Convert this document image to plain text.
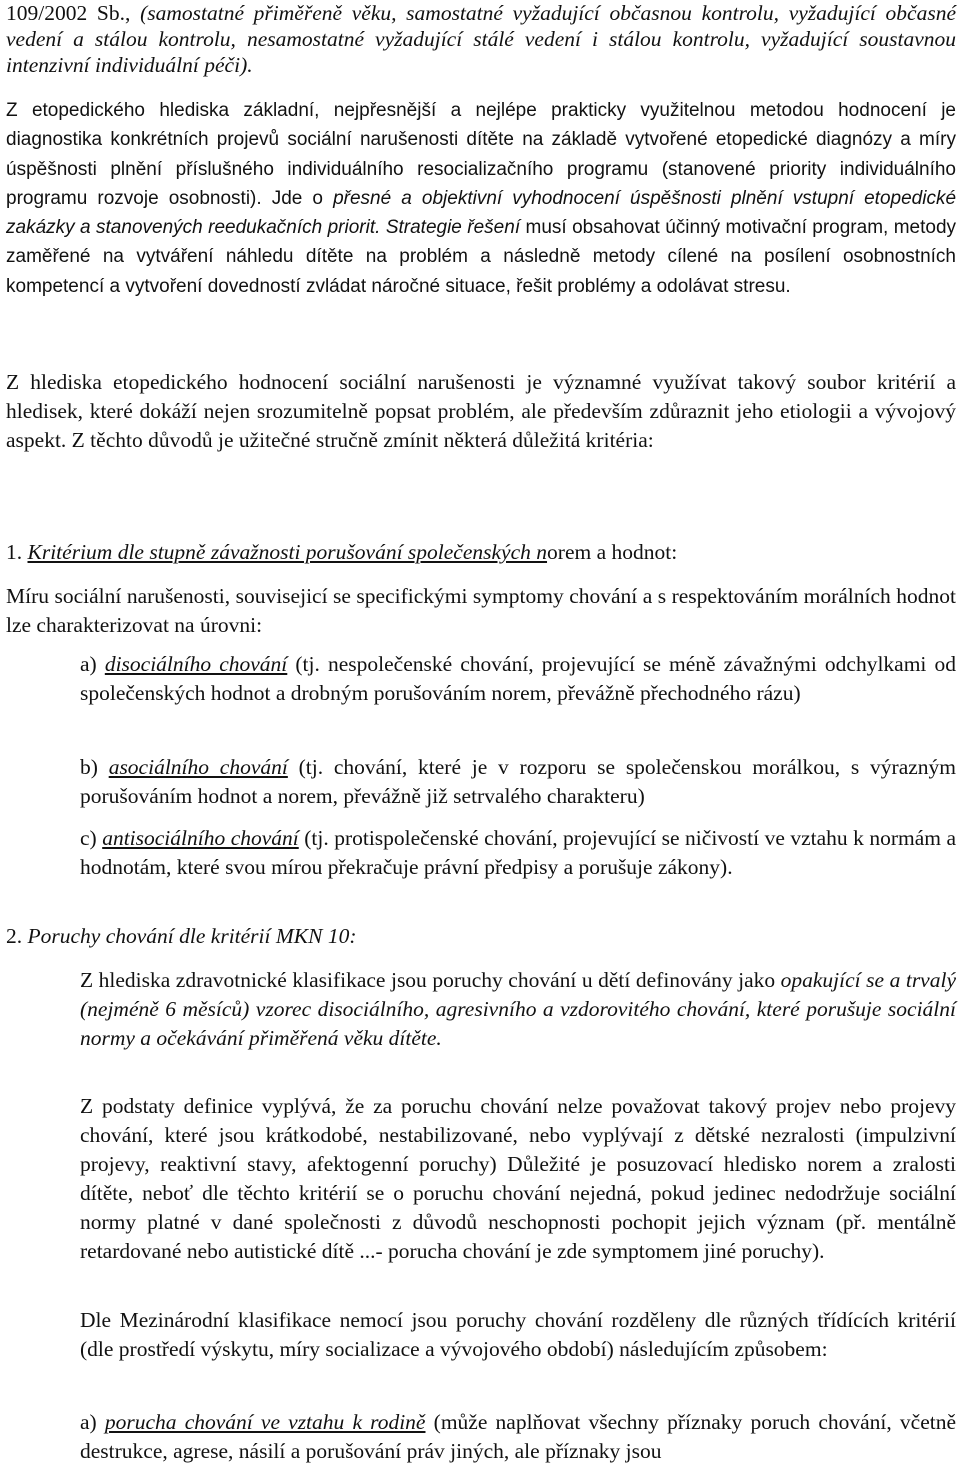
109/2002 Sb., (samostatné přiměřeně věku, samostatné vyžadující občasnou kontrolu, vyžadující občasné vedení a stálou kontrolu, nesamostatné vyžadující stálé vedení i stálou kontrolu, vyžadující soustavnou intenzivní individuální péči).

Z etopedického hlediska základní, nejpřesnější a nejlépe prakticky využitelnou metodou hodnocení je diagnostika konkrétních projevů sociální narušenosti dítěte na základě vytvořené etopedické diagnózy a míry úspěšnosti plnění příslušného individuálního resocializačního programu (stanovené priority individuálního programu rozvoje osobnosti). Jde o přesné a objektivní vyhodnocení úspěšnosti plnění vstupní etopedické zakázky a stanovených reedukačních priorit. Strategie řešení musí obsahovat účinný motivační program, metody zaměřené na vytváření náhledu dítěte na problém a následně metody cílené na posílení osobnostních kompetencí a vytvoření dovedností zvládat náročné situace, řešit problémy a odolávat stresu.

Z hlediska etopedického hodnocení sociální narušenosti je významné využívat takový soubor kritérií a hledisek, které dokáží nejen srozumitelně popsat problém, ale především zdůraznit jeho etiologii a vývojový aspekt. Z těchto důvodů je užitečné stručně zmínit některá důležitá kritéria:

1. Kritérium dle stupně závažnosti porušování společenských norem a hodnot:

Míru sociální narušenosti, souvisejicí se specifickými symptomy chování a s respektováním morálních hodnot lze charakterizovat na úrovni:

a) disociálního chování (tj. nespolečenské chování, projevující se méně závažnými odchylkami od společenských hodnot a drobným porušováním norem, převážně přechodného rázu)

b) asociálního chování (tj. chování, které je v rozporu se společenskou morálkou, s výrazným porušováním hodnot a norem, převážně již setrvalého charakteru)

c) antisociálního chování (tj. protispolečenské chování, projevující se ničivostí ve vztahu k normám a hodnotám, které svou mírou překračuje právní předpisy a porušuje zákony).

2. Poruchy chování dle kritérií MKN 10:

Z hlediska zdravotnické klasifikace jsou poruchy chování u dětí definovány jako opakující se a trvalý (nejméně 6 měsíců) vzorec disociálního, agresivního a vzdorovitého chování, které porušuje sociální normy a očekávání přiměřená věku dítěte.

Z podstaty definice vyplývá, že za poruchu chování nelze považovat takový projev nebo projevy chování, které jsou krátkodobé, nestabilizované, nebo vyplývají z dětské nezralosti (impulzivní projevy, reaktivní stavy, afektogenní poruchy) Důležité je posuzovací hledisko norem a zralosti dítěte, neboť dle těchto kritérií se o poruchu chování nejedná, pokud jedinec nedodržuje sociální normy platné v dané společnosti z důvodů neschopnosti pochopit jejich význam (př. mentálně retardované nebo autistické dítě ...- porucha chování je zde symptomem jiné poruchy).

Dle Mezinárodní klasifikace nemocí jsou poruchy chování rozděleny dle různých třídících kritérií (dle prostředí výskytu, míry socializace a vývojového období) následujícím způsobem:

a) porucha chování ve vztahu k rodině (může naplňovat všechny příznaky poruch chování, včetně destrukce, agrese, násilí a porušování práv jiných, ale příznaky jsou
